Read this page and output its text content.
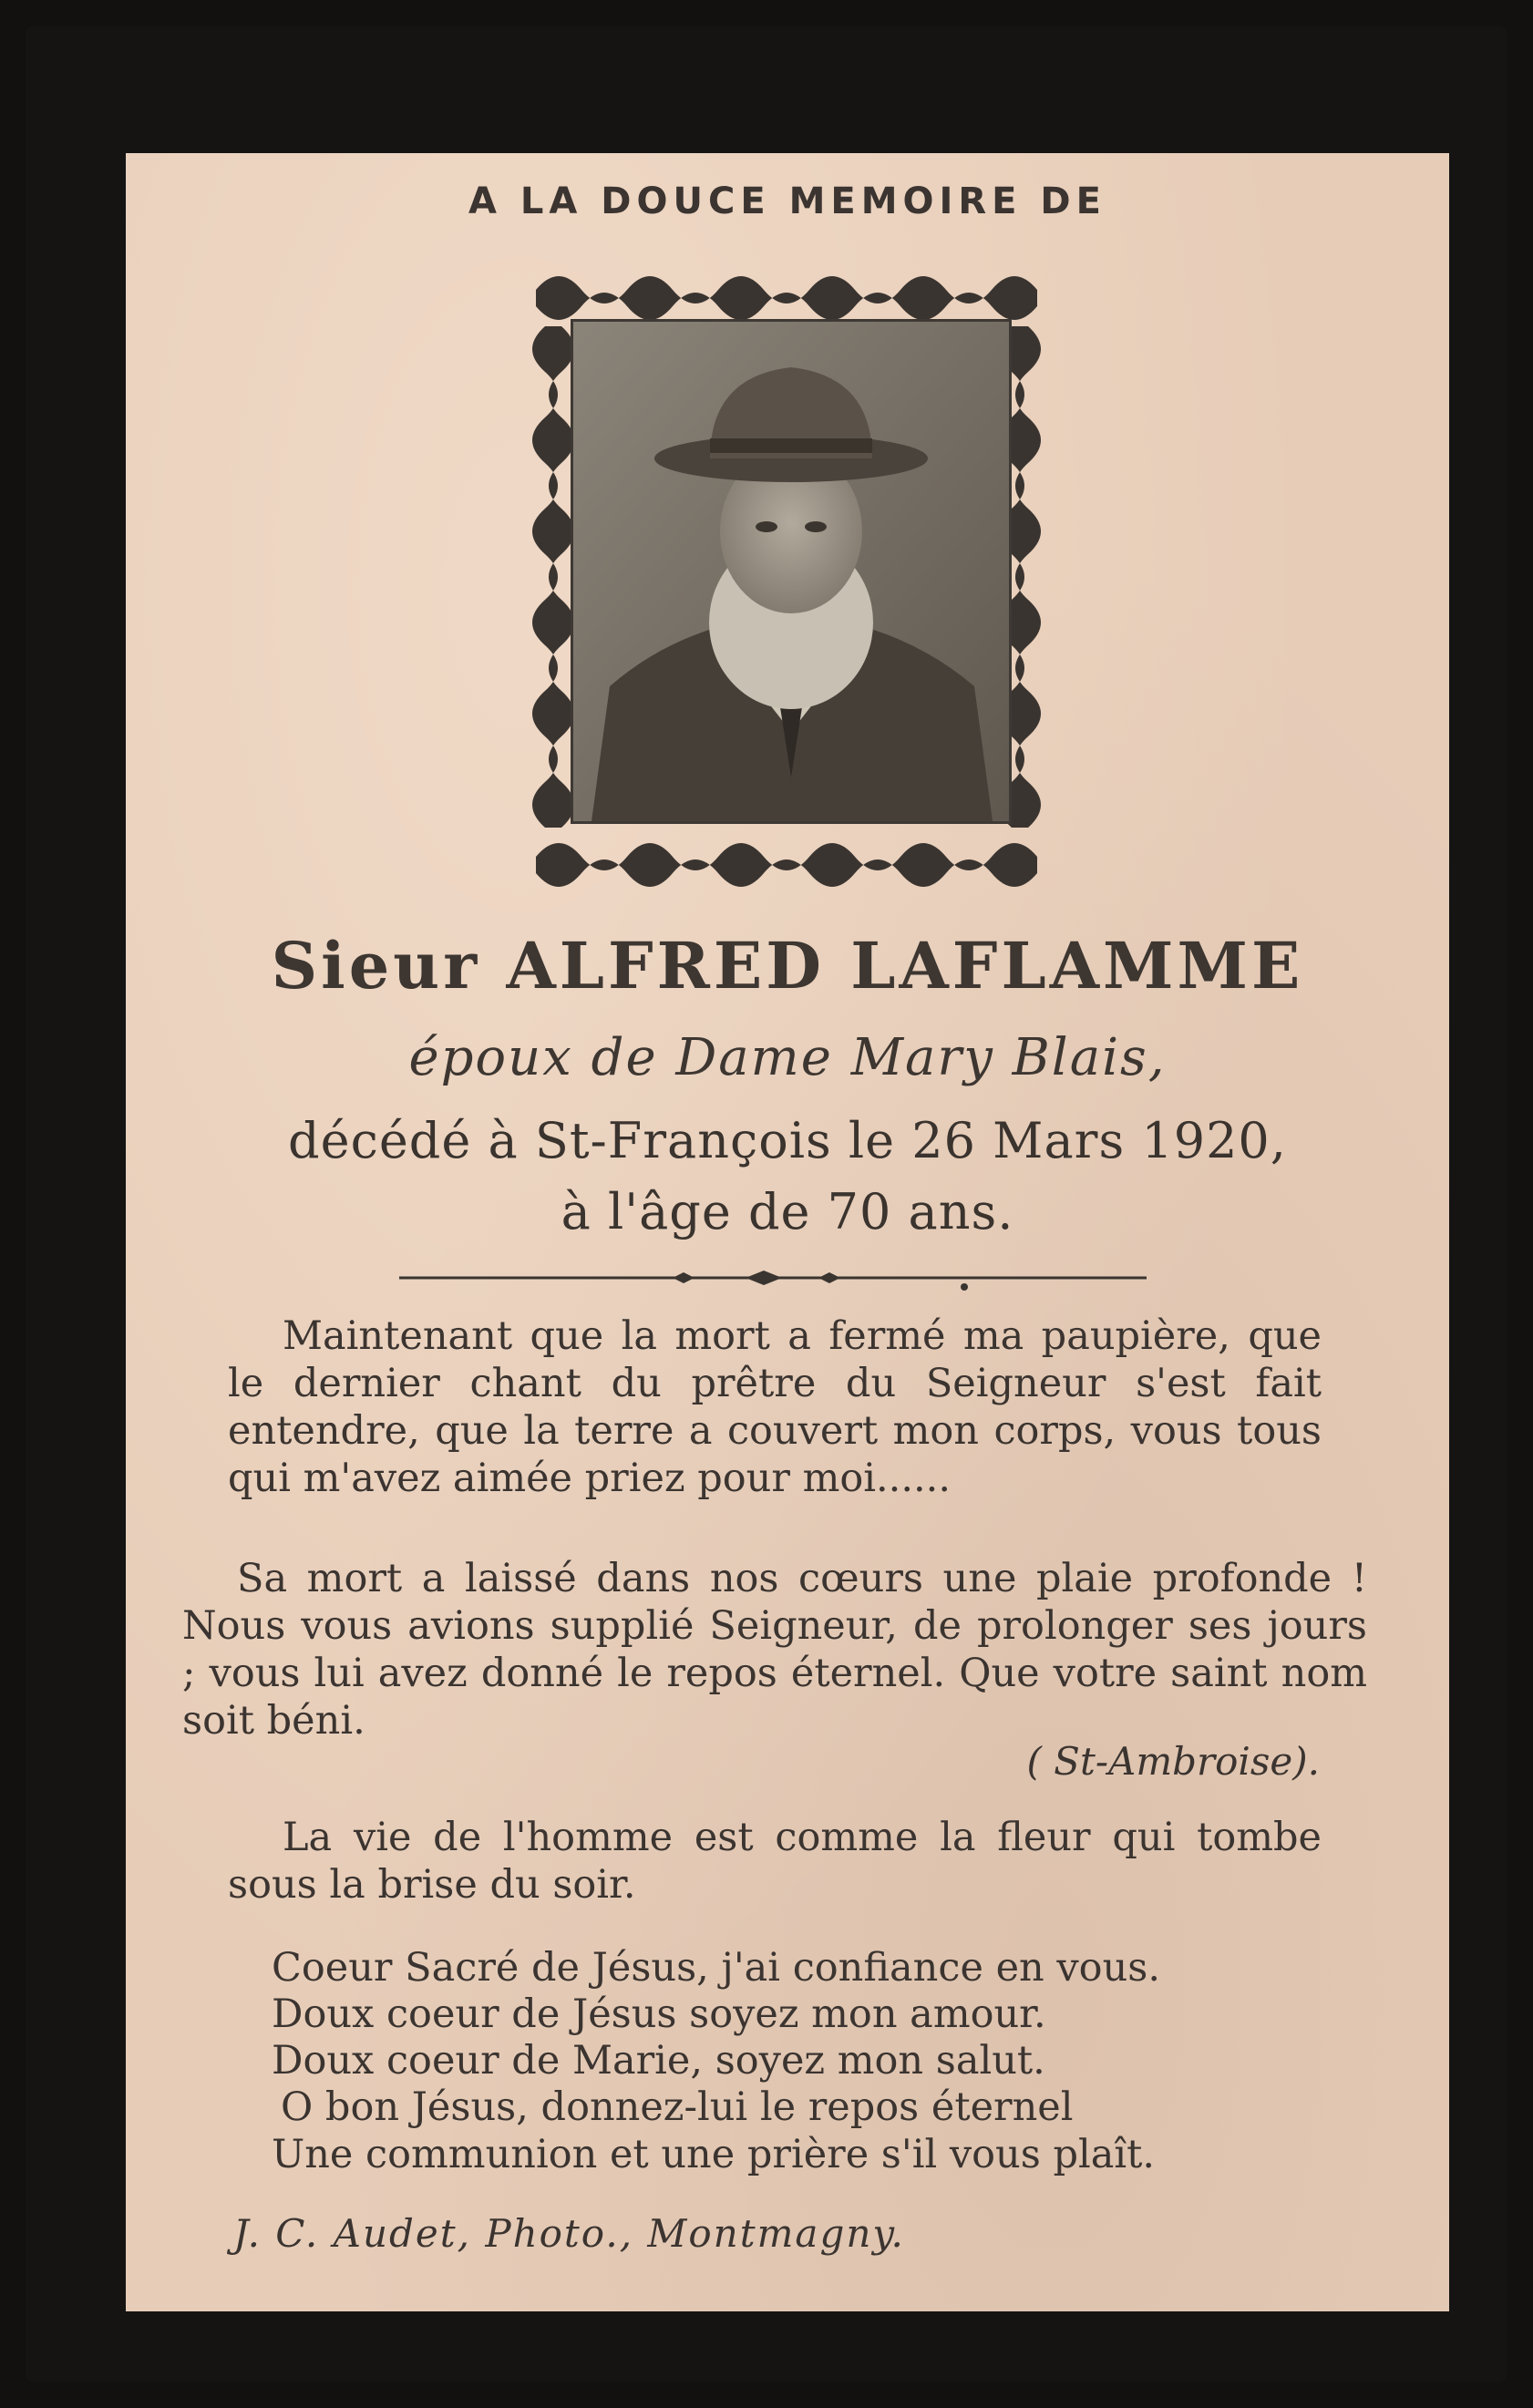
A LA DOUCE MEMOIRE DE
Sieur ALFRED LAFLAMME
époux de Dame Mary Blais,
décédé à St-François le 26 Mars 1920,
à l'âge de 70 ans.
Maintenant que la mort a fermé ma paupière, que le dernier chant du prêtre du Seigneur s'est fait entendre, que la terre a couvert mon corps, vous tous qui m'avez aimée priez pour moi......
Sa mort a laissé dans nos cœurs une plaie profonde ! Nous vous avions supplié Seigneur, de prolonger ses jours ; vous lui avez donné le repos éternel. Que votre saint nom soit béni.
( St-Ambroise).
La vie de l'homme est comme la fleur qui tombe sous la brise du soir.
Coeur Sacré de Jésus, j'ai confiance en vous.
Doux coeur de Jésus soyez mon amour.
Doux coeur de Marie, soyez mon salut.
O bon Jésus, donnez-lui le repos éternel
Une communion et une prière s'il vous plaît.
J. C. Audet, Photo., Montmagny.
